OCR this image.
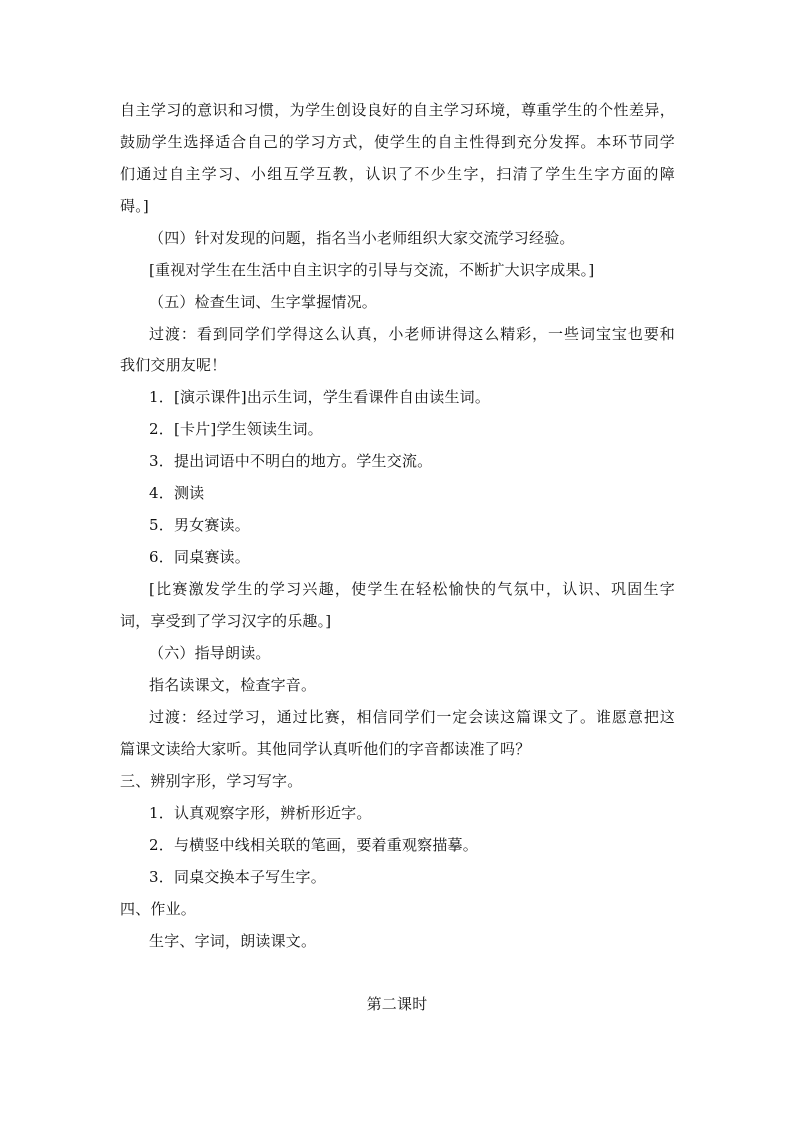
自主学习的意识和习惯，为学生创设良好的自主学习环境，尊重学生的个性差异，
鼓励学生选择适合自己的学习方式，使学生的自主性得到充分发挥。本环节同学
们通过自主学习、小组互学互教，认识了不少生字，扫清了学生生字方面的障
碍。]
（四）针对发现的问题，指名当小老师组织大家交流学习经验。
[重视对学生在生活中自主识字的引导与交流，不断扩大识字成果。]
（五）检查生词、生字掌握情况。
过渡：看到同学们学得这么认真，小老师讲得这么精彩，一些词宝宝也要和
我们交朋友呢！
1．[演示课件]出示生词，学生看课件自由读生词。
2．[卡片]学生领读生词。
3．提出词语中不明白的地方。学生交流。
4．测读
5．男女赛读。
6．同桌赛读。
[比赛激发学生的学习兴趣，使学生在轻松愉快的气氛中，认识、巩固生字
词，享受到了学习汉字的乐趣。]
（六）指导朗读。
指名读课文，检查字音。
过渡：经过学习，通过比赛，相信同学们一定会读这篇课文了。谁愿意把这
篇课文读给大家听。其他同学认真听他们的字音都读准了吗？
三、辨别字形，学习写字。
1．认真观察字形，辨析形近字。
2．与横竖中线相关联的笔画，要着重观察描摹。
3．同桌交换本子写生字。
四、作业。
生字、字词，朗读课文。
第二课时
